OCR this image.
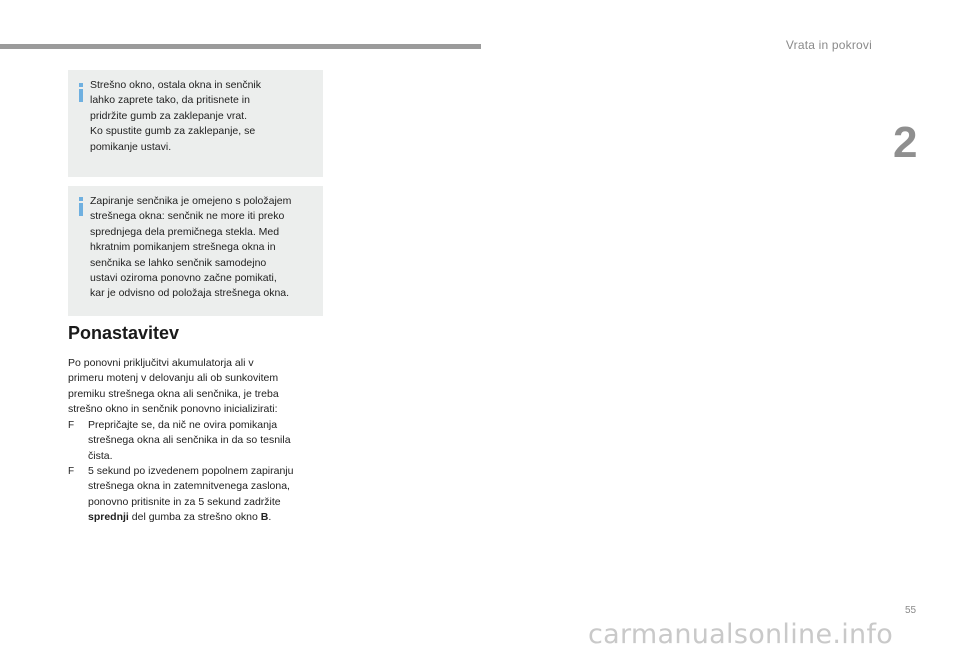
Vrata in pokrovi
2
Strešno okno, ostala okna in senčnik
lahko zaprete tako, da pritisnete in
pridržite gumb za zaklepanje vrat.
Ko spustite gumb za zaklepanje, se
pomikanje ustavi.
Zapiranje senčnika je omejeno s položajem
strešnega okna: senčnik ne more iti preko
sprednjega dela premičnega stekla. Med
hkratnim pomikanjem strešnega okna in
senčnika se lahko senčnik samodejno
ustavi oziroma ponovno začne pomikati,
kar je odvisno od položaja strešnega okna.
Ponastavitev
Po ponovni priključitvi akumulatorja ali v
primeru motenj v delovanju ali ob sunkovitem
premiku strešnega okna ali senčnika, je treba
strešno okno in senčnik ponovno inicializirati:
F Prepričajte se, da nič ne ovira pomikanja
strešnega okna ali senčnika in da so tesnila
čista.
F 5 sekund po izvedenem popolnem zapiranju
strešnega okna in zatemnitvenega zaslona,
ponovno pritisnite in za 5 sekund zadržite
sprednji del gumba za strešno okno B.
55
carmanualsonline.info
